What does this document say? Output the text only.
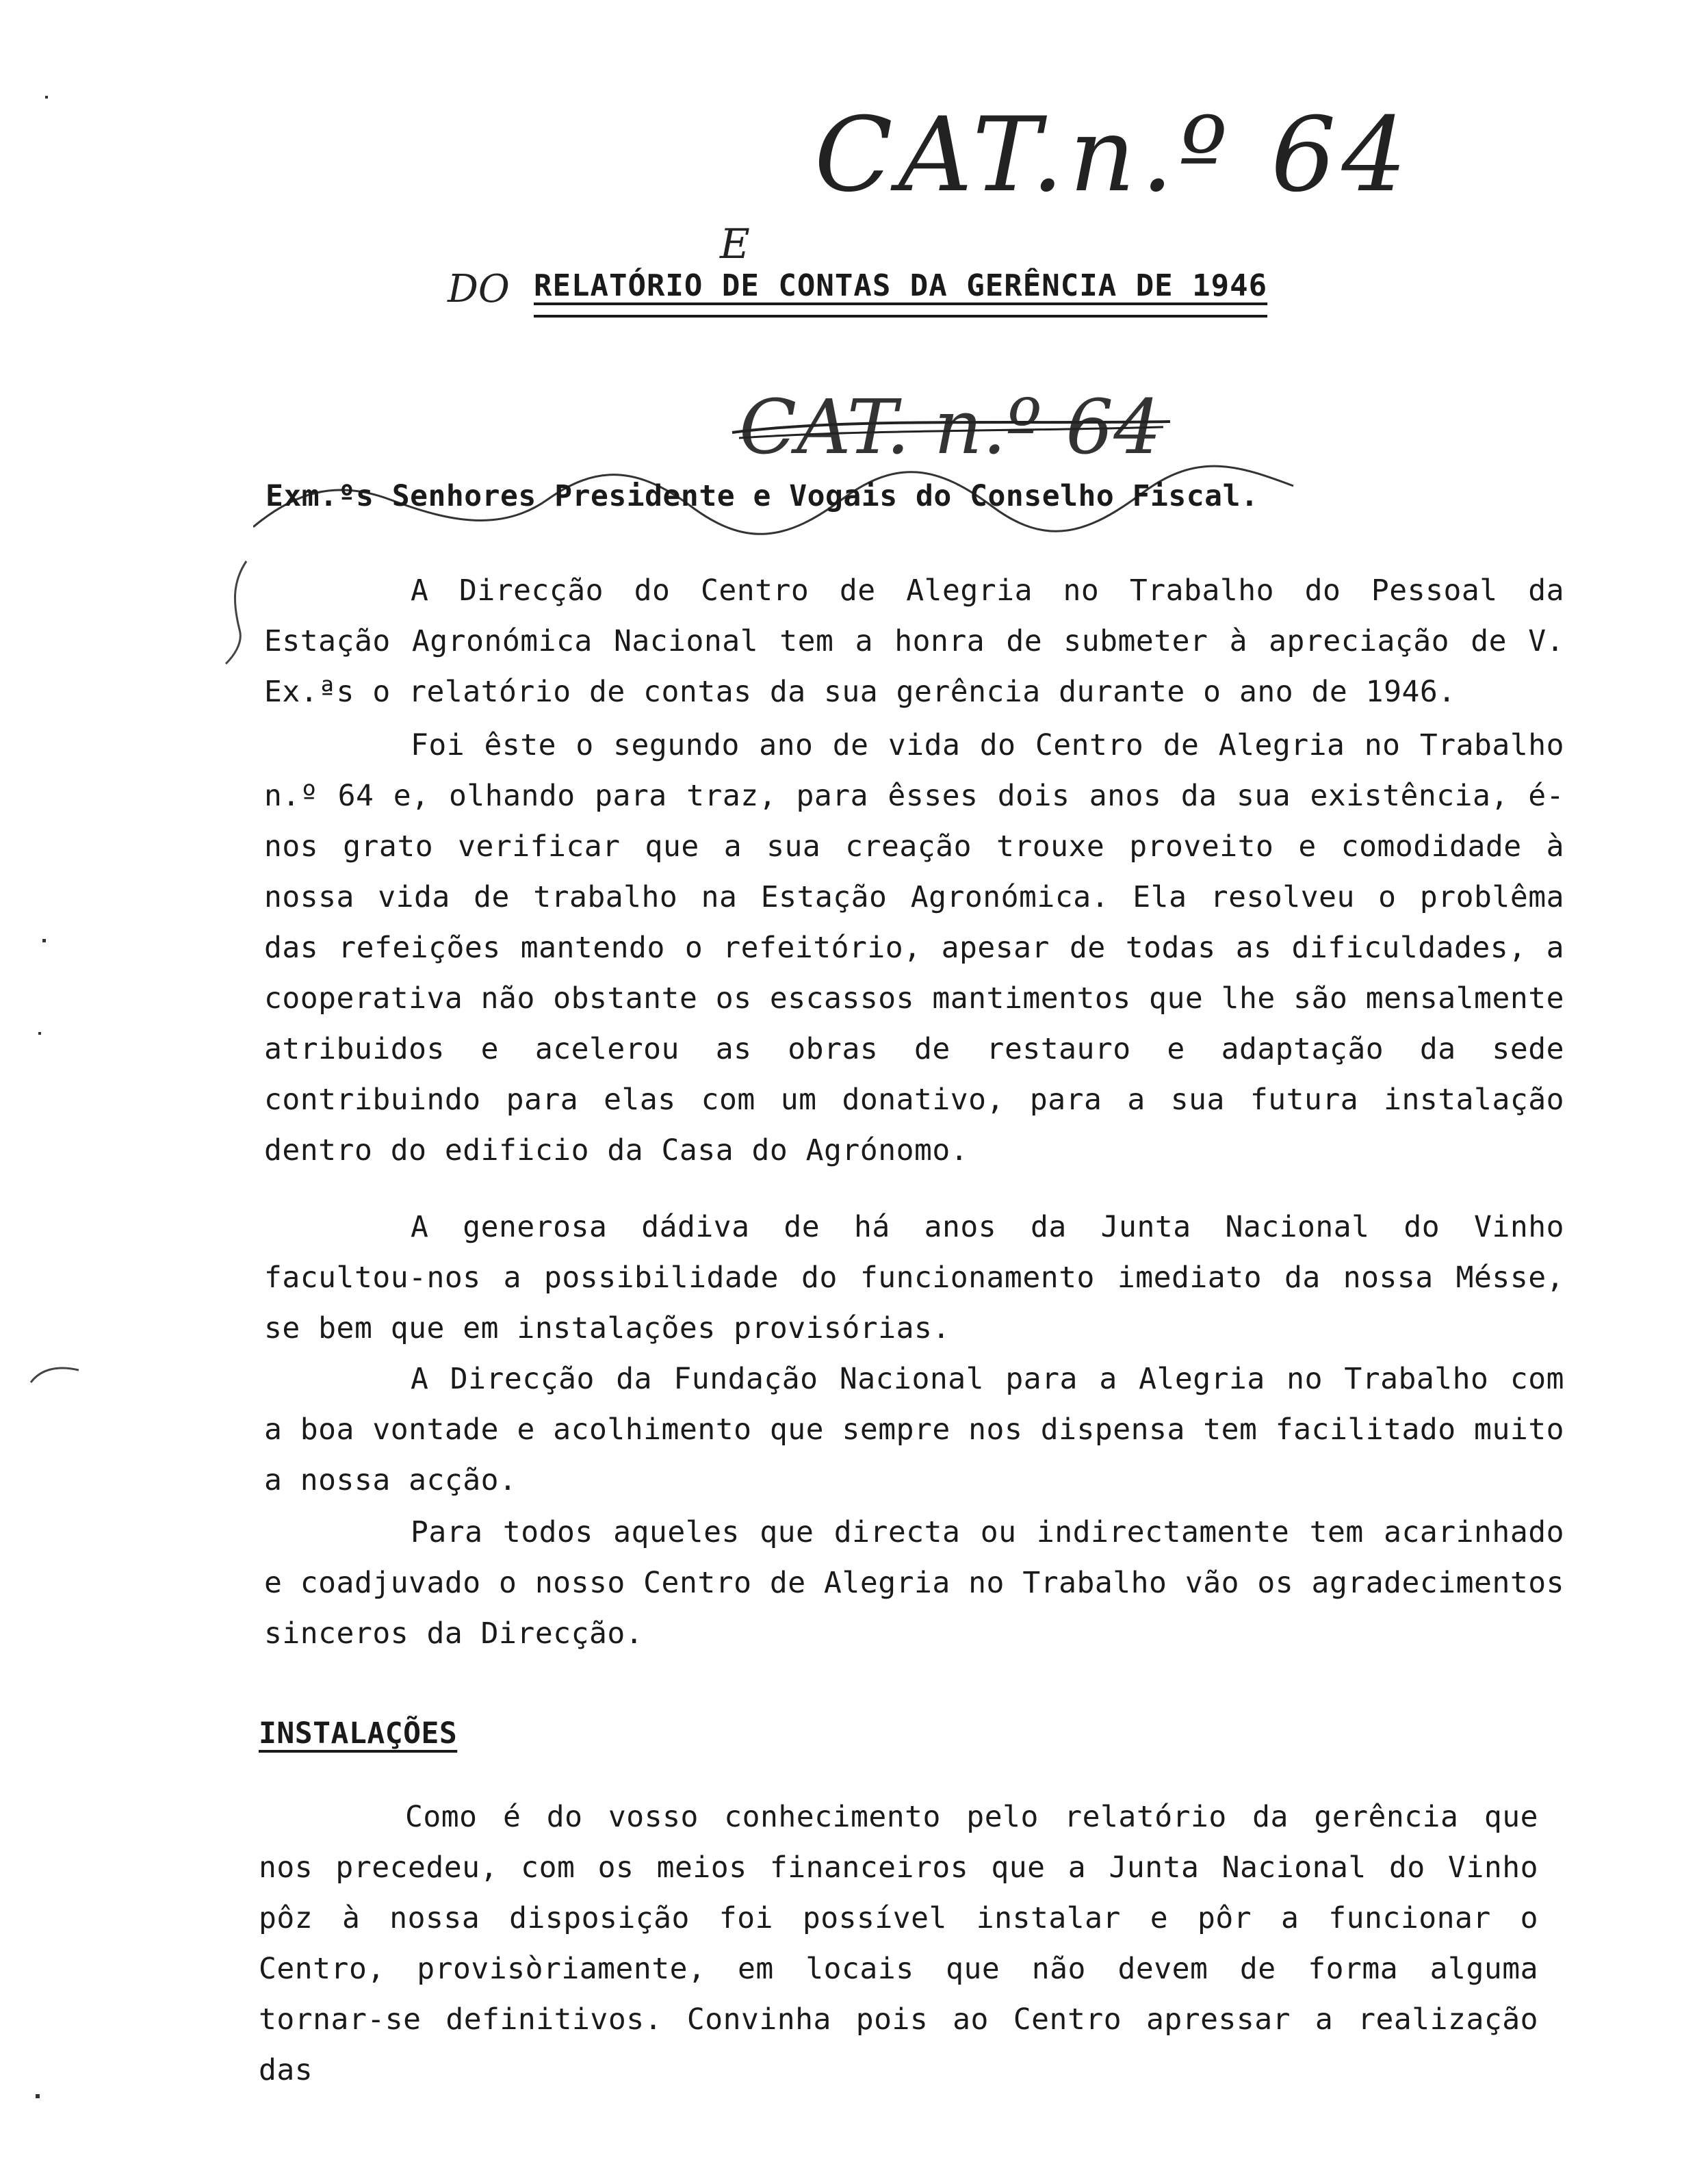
CAT.n.º 64
E
DO RELATÓRIO DE CONTAS DA GERÊNCIA DE 1946
CAT. n.º 64
Exm.ºs Senhores Presidente e Vogais do Conselho Fiscal.

A Direcção do Centro de Alegria no Trabalho do Pessoal da Estação Agronómica Nacional tem a honra de submeter à apreciação de V. Ex.ªs o relatório de contas da sua gerência durante o ano de 1946.

Foi êste o segundo ano de vida do Centro de Alegria no Trabalho n.º 64 e, olhando para traz, para êsses dois anos da sua existência, é-nos grato verificar que a sua creação trouxe proveito e comodidade à nossa vida de trabalho na Estação Agronómica. Ela resolveu o problêma das refeições mantendo o refeitório, apesar de todas as dificuldades, a cooperativa não obstante os escassos mantimentos que lhe são mensalmente atribuidos e acelerou as obras de restauro e adaptação da sede contribuindo para elas com um donativo, para a sua futura instalação dentro do edificio da Casa do Agrónomo.

A generosa dádiva de há anos da Junta Nacional do Vinho facultou-nos a possibilidade do funcionamento imediato da nossa Mésse, se bem que em instalações provisórias.

A Direcção da Fundação Nacional para a Alegria no Trabalho com a boa vontade e acolhimento que sempre nos dispensa tem facilitado muito a nossa acção.

Para todos aqueles que directa ou indirectamente tem acarinhado e coadjuvado o nosso Centro de Alegria no Trabalho vão os agradecimentos sinceros da Direcção.

INSTALAÇÕES

Como é do vosso conhecimento pelo relatório da gerência que nos precedeu, com os meios financeiros que a Junta Nacional do Vinho pôz à nossa disposição foi possível instalar e pôr a funcionar o Centro, provisòriamente, em locais que não devem de forma alguma tornar-se definitivos. Convinha pois ao Centro apressar a realização das
